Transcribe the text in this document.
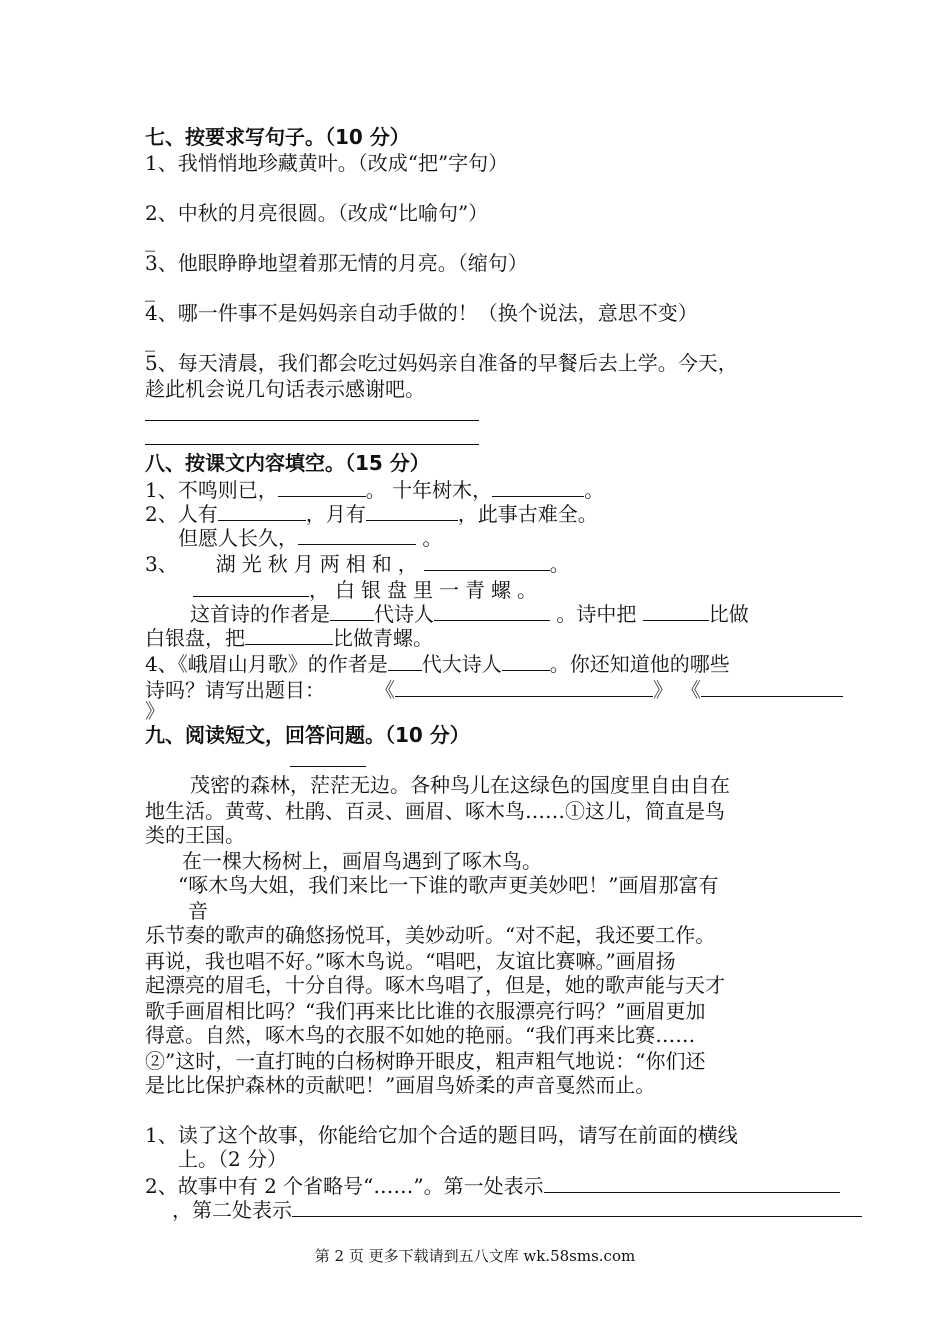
七、按要求写句子。（10 分）
1、我悄悄地珍藏黄叶。（改成“把”字句）
2、中秋的月亮很圆。（改成“比喻句”）
_
3、他眼睁睁地望着那无情的月亮。（缩句）
_
4、哪一件事不是妈妈亲自动手做的！（换个说法，意思不变）
_
5、每天清晨，我们都会吃过妈妈亲自准备的早餐后去上学。今天，
趁此机会说几句话表示感谢吧。
八、按课文内容填空。（15 分）
1、不鸣则已，	。 十年树木，	。
2、人有	，月有	，此事古难全。
但愿人长久，	。
3、 湖光秋月两相和，	。
，白银盘里一青螺。
这首诗的作者是 代诗人	。诗中把	比做
白银盘，把	比做青螺。
4、《峨眉山月歌》的作者是 代大诗人 。你还知道他的哪些
诗吗？请写出题目：	《	》 《
》
九、阅读短文，回答问题。（10 分）
茂密的森林，茫茫无边。各种鸟儿在这绿色的国度里自由自在
地生活。黄莺、杜鹃、百灵、画眉、啄木鸟……①这儿，简直是鸟
类的王国。
在一棵大杨树上，画眉鸟遇到了啄木鸟。
“啄木鸟大姐，我们来比一下谁的歌声更美妙吧！”画眉那富有
音
乐节奏的歌声的确悠扬悦耳，美妙动听。“对不起，我还要工作。
再说，我也唱不好。”啄木鸟说。“唱吧，友谊比赛嘛。”画眉扬
起漂亮的眉毛，十分自得。啄木鸟唱了，但是，她的歌声能与天才
歌手画眉相比吗？“我们再来比比谁的衣服漂亮行吗？”画眉更加
得意。自然，啄木鸟的衣服不如她的艳丽。“我们再来比赛……
②”这时，一直打盹的白杨树睁开眼皮，粗声粗气地说：“你们还
是比比保护森林的贡献吧！”画眉鸟娇柔的声音戛然而止。
1、读了这个故事，你能给它加个合适的题目吗，请写在前面的横线
上。（2 分）
2、故事中有 2 个省略号“……”。第一处表示
，第二处表示
第 2 页 更多下载请到五八文库 wk.58sms.com
